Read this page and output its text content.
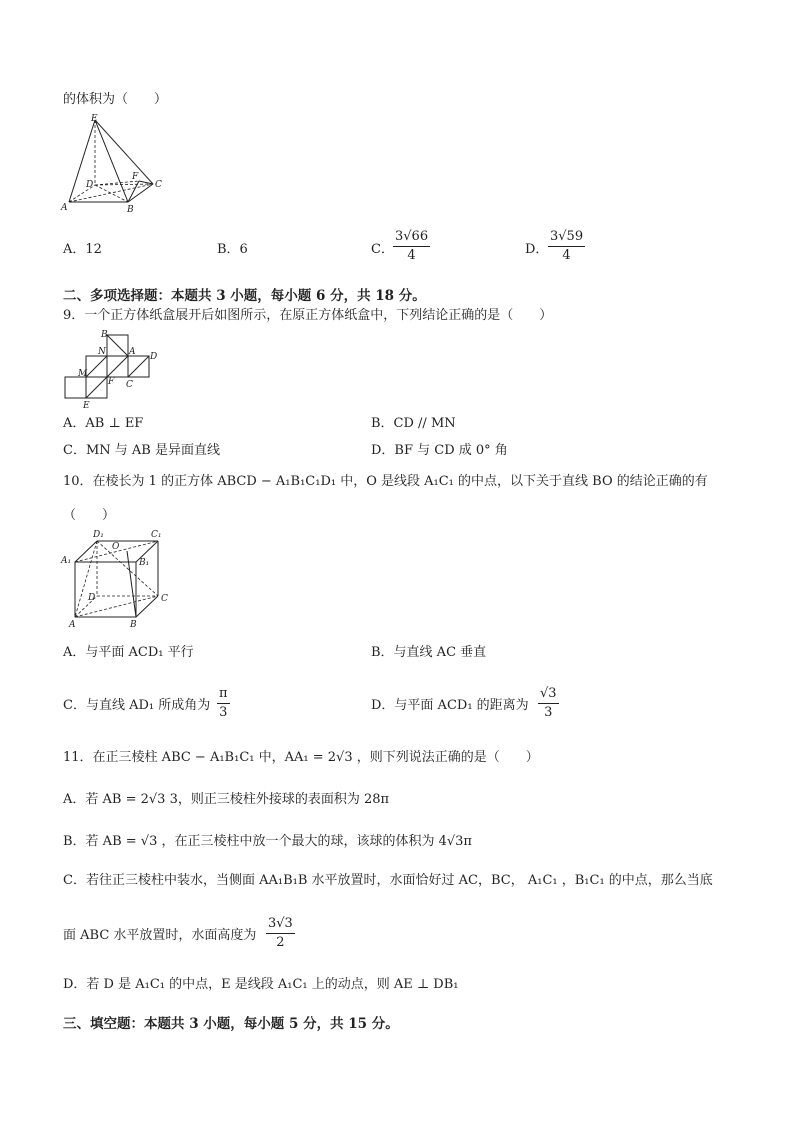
的体积为（　　）
E
D
F
C
A	B
A．12	B．6	C． $\frac{3√66}{4}$	D． $\frac{3√59}{4}$
二、多项选择题：本题共 3 小题，每小题 6 分，共 18 分。
9．一个正方体纸盒展开后如图所示，在原正方体纸盒中，下列结论正确的是（　　）
B
N	A D
M
F C
E
A．AB ⊥ EF	B．CD // MN
C．MN 与 AB 是异面直线	D．BF 与 CD 成 0° 角
10．在棱长为 1 的正方体 ABCD − A₁B₁C₁D₁ 中，O 是线段 A₁C₁ 的中点，以下关于直线 BO 的结论正确的有
（　　）
D₁
O
C₁
A₁	B₁
D	C
A	B
A．与平面 ACD₁ 平行	B．与直线 AC 垂直
C．与直线 AD₁ 所成角为 $\frac{\pi}{3}$	D．与平面 ACD₁ 的距离为 $\frac{√3}{3}$
11．在正三棱柱 ABC − A₁B₁C₁ 中，AA₁ = 2√3 ，则下列说法正确的是（　　）
A．若 AB = 2√3 3，则正三棱柱外接球的表面积为 28π
B．若 AB = √3 ，在正三棱柱中放一个最大的球，该球的体积为 4√3π
C．若往正三棱柱中装水，当侧面 AA₁B₁B 水平放置时，水面恰好过 AC，BC， A₁C₁ ，B₁C₁ 的中点，那么当底
面 ABC 水平放置时，水面高度为 $\frac{3√3}{2}$
D．若 D 是 A₁C₁ 的中点，E 是线段 A₁C₁ 上的动点，则 AE ⊥ DB₁
三、填空题：本题共 3 小题，每小题 5 分，共 15 分。
